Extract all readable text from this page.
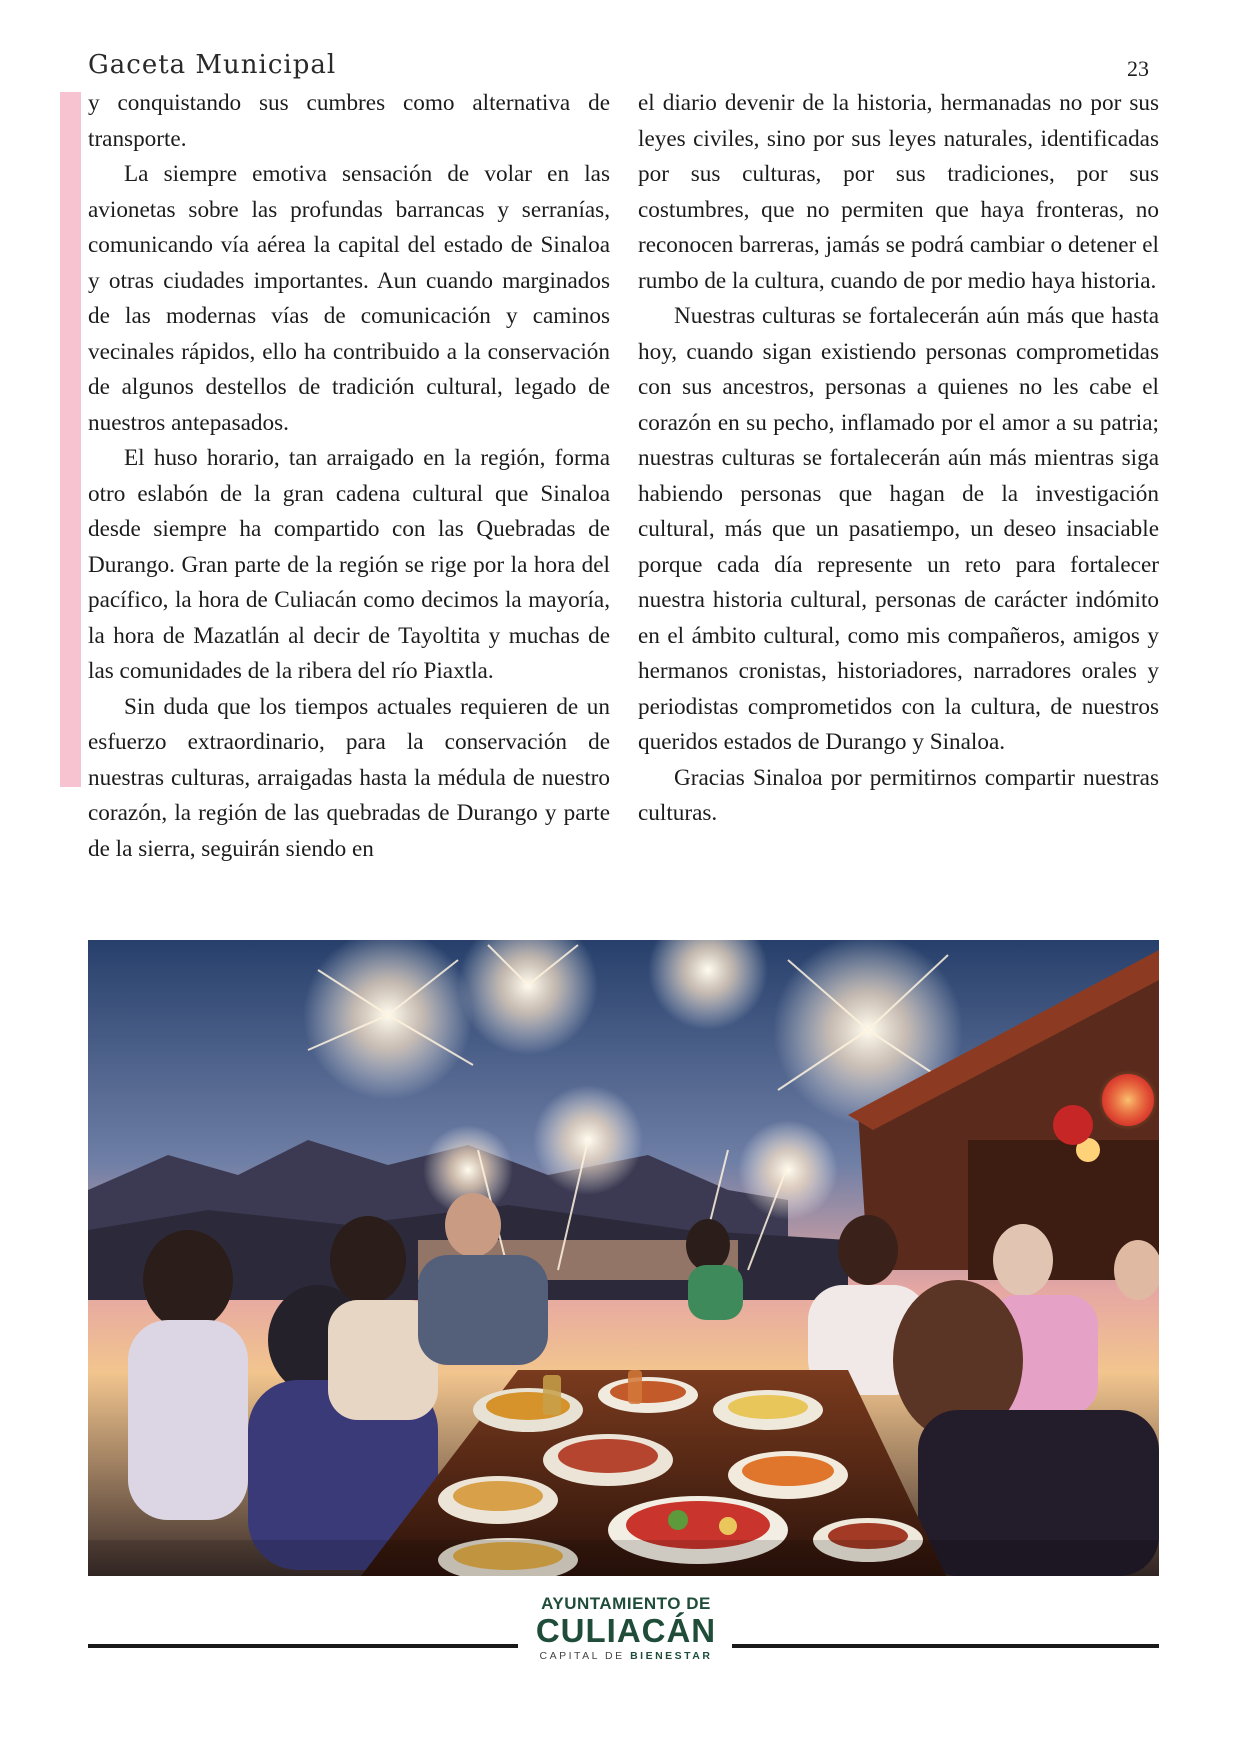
Gaceta Municipal	23

y conquistando sus cumbres como alternativa de transporte.

La siempre emotiva sensación de volar en las avionetas sobre las profundas barrancas y serranías, comunicando vía aérea la capital del estado de Sinaloa y otras ciudades importantes. Aun cuando marginados de las modernas vías de comunicación y caminos vecinales rápidos, ello ha contribuido a la conservación de algunos destellos de tradición cultural, legado de nuestros antepasados.

El huso horario, tan arraigado en la región, forma otro eslabón de la gran cadena cultural que Sinaloa desde siempre ha compartido con las Quebradas de Durango. Gran parte de la región se rige por la hora del pacífico, la hora de Culiacán como decimos la mayoría, la hora de Mazatlán al decir de Tayoltita y muchas de las comunidades de la ribera del río Piaxtla.

Sin duda que los tiempos actuales requieren de un esfuerzo extraordinario, para la conservación de nuestras culturas, arraigadas hasta la médula de nuestro corazón, la región de las quebradas de Durango y parte de la sierra, seguirán siendo en

el diario devenir de la historia, hermanadas no por sus leyes civiles, sino por sus leyes naturales, identificadas por sus culturas, por sus tradiciones, por sus costumbres, que no permiten que haya fronteras, no reconocen barreras, jamás se podrá cambiar o detener el rumbo de la cultura, cuando de por medio haya historia.

Nuestras culturas se fortalecerán aún más que hasta hoy, cuando sigan existiendo personas comprometidas con sus ancestros, personas a quienes no les cabe el corazón en su pecho, inflamado por el amor a su patria; nuestras culturas se fortalecerán aún más mientras siga habiendo personas que hagan de la investigación cultural, más que un pasatiempo, un deseo insaciable porque cada día represente un reto para fortalecer nuestra historia cultural, personas de carácter indómito en el ámbito cultural, como mis compañeros, amigos y hermanos cronistas, historiadores, narradores orales y periodistas comprometidos con la cultura, de nuestros queridos estados de Durango y Sinaloa.

Gracias Sinaloa por permitirnos compartir nuestras culturas.

AYUNTAMIENTO DE
CULIACÁN
CAPITAL DE BIENESTAR
